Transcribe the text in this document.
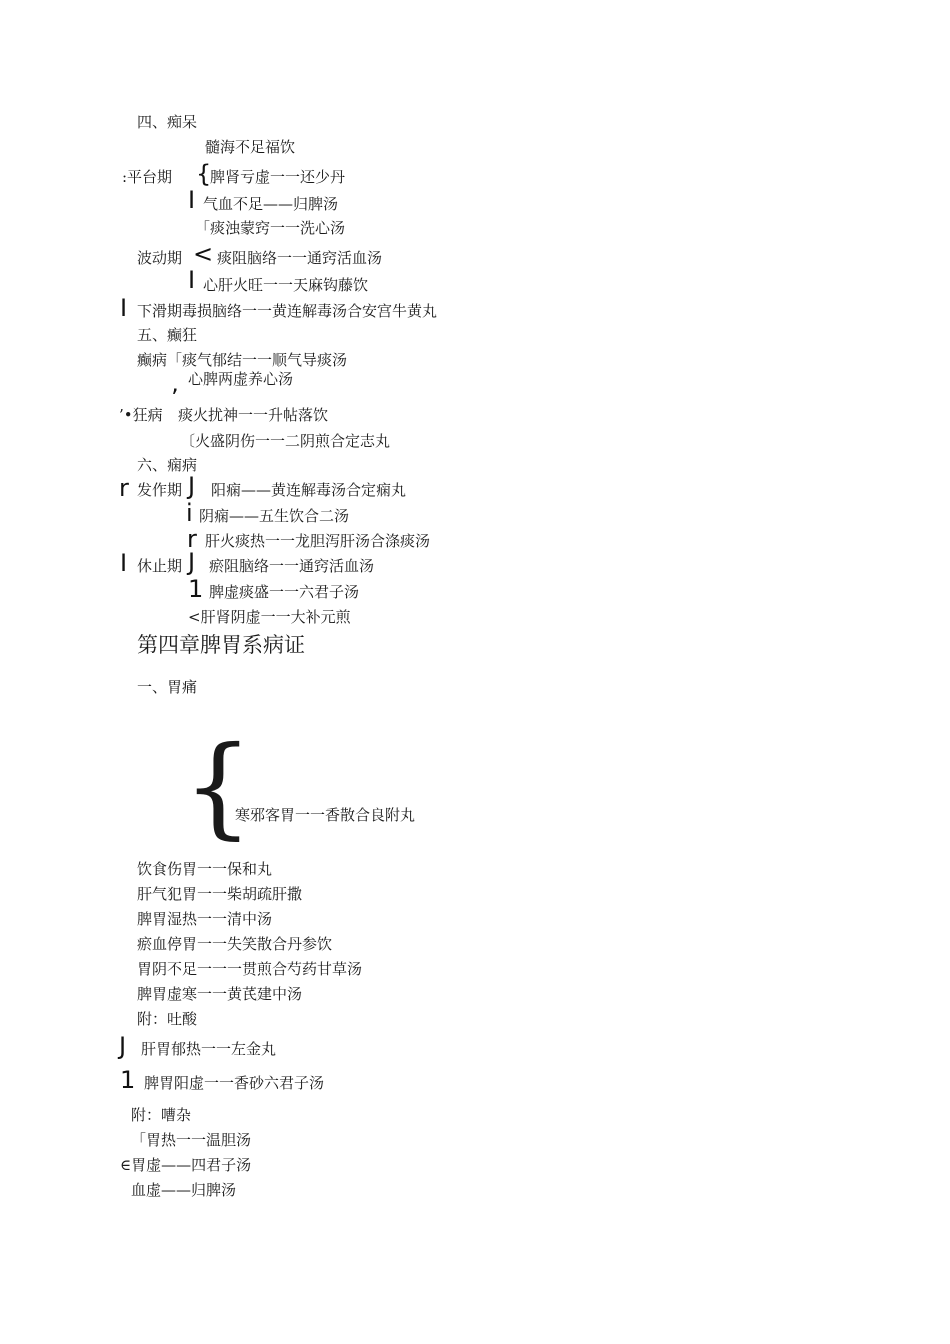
四、痴呆
髓海不足福饮
:平台期 {
脾肾亏虚一一还少丹
I 气血不足——归脾汤
「痰浊蒙窍一一洗心汤
波动期 < 痰阻脑络一一通窍活血汤
I 心肝火旺一一天麻钩藤饮
I 下滑期毒损脑络一一黄连解毒汤合安宫牛黄丸
五、癫狂
癫病「痰气郁结一一顺气导痰汤
心脾两虚养心汤
’
’•狂病 痰火扰神一一升帖落饮
〔火盛阴伤一一二阴煎合定志丸
六、痫病
r 发作期 J 阳痫——黄连解毒汤合定痫丸
i 阴痫——五生饮合二汤
r 肝火痰热一一龙胆泻肝汤合涤痰汤
I 休止期 J 瘀阻脑络一一通窍活血汤
1 脾虚痰盛一一六君子汤
<肝肾阴虚一一大补元煎
第四章脾胃系病证
一、胃痛
{
寒邪客胃一一香散合良附丸
饮食伤胃一一保和丸
肝气犯胃一一柴胡疏肝撒
脾胃湿热一一清中汤
瘀血停胃一一失笑散合丹参饮
胃阴不足一一一贯煎合芍药甘草汤
脾胃虚寒一一黄芪建中汤
附：吐酸
J 肝胃郁热一一左金丸
1 脾胃阳虚一一香砂六君子汤
附：嘈杂
「胃热一一温胆汤
∈胃虚——四君子汤
血虚——归脾汤
